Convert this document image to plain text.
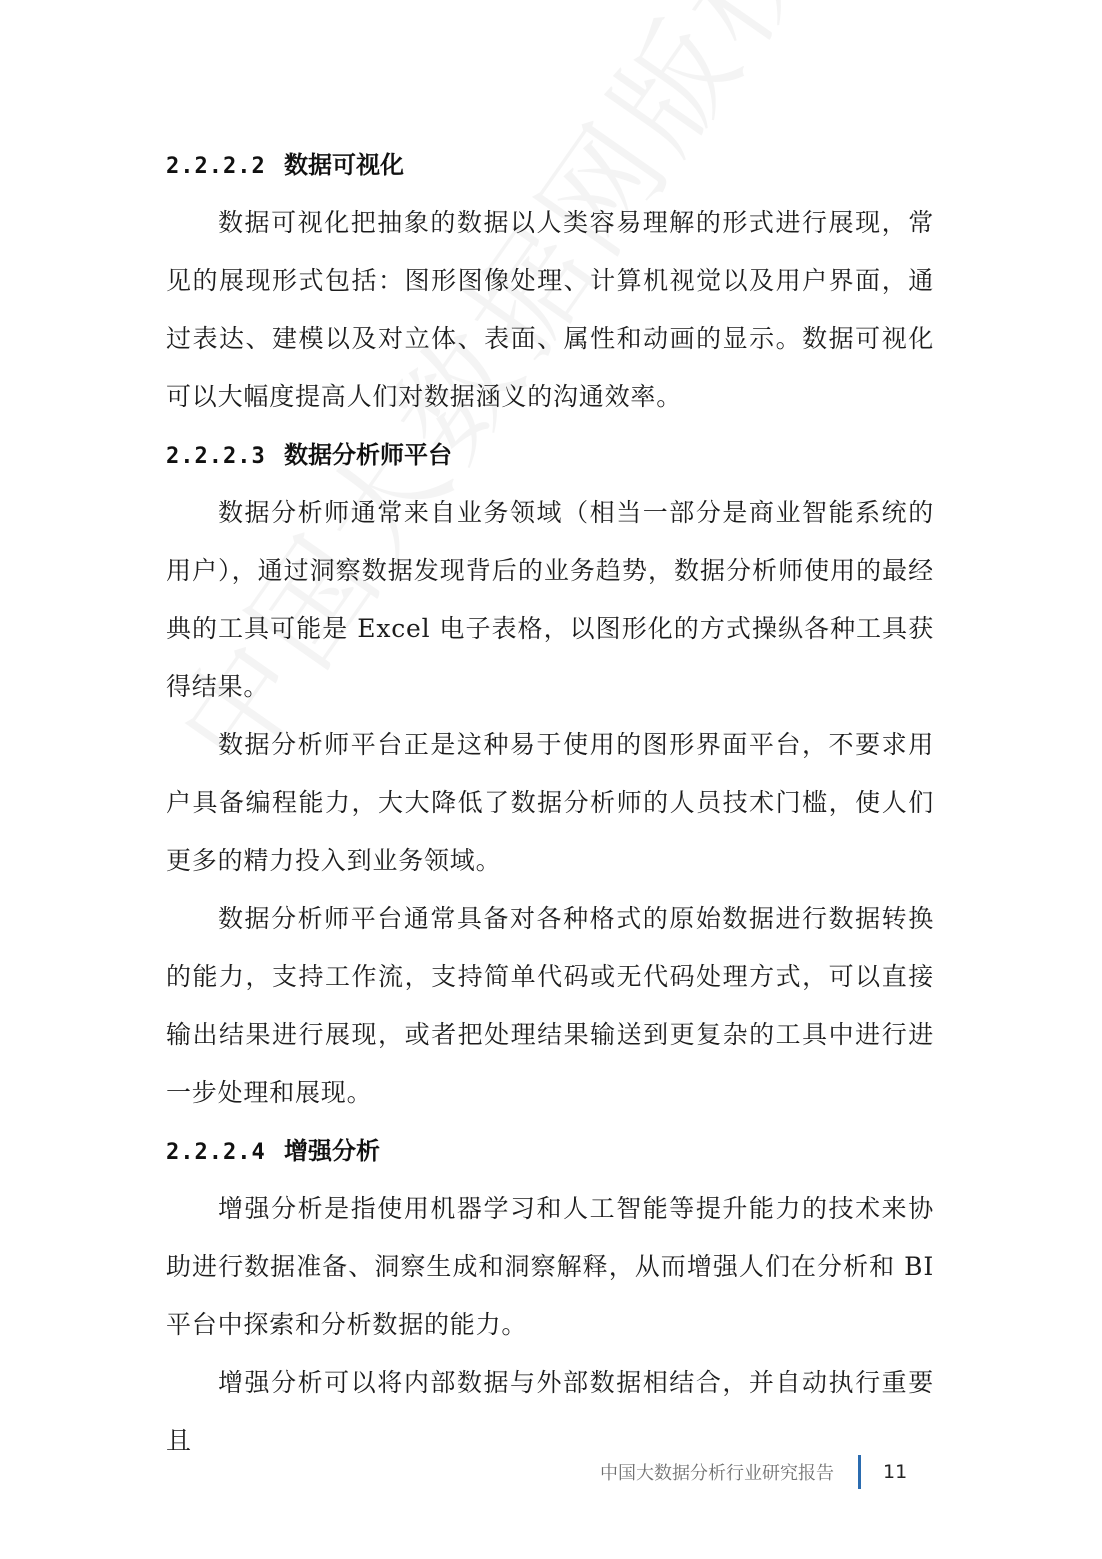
2.2.2.2 数据可视化

数据可视化把抽象的数据以人类容易理解的形式进行展现，常见的展现形式包括：图形图像处理、计算机视觉以及用户界面，通过表达、建模以及对立体、表面、属性和动画的显示。数据可视化可以大幅度提高人们对数据涵义的沟通效率。

2.2.2.3 数据分析师平台

数据分析师通常来自业务领域（相当一部分是商业智能系统的用户），通过洞察数据发现背后的业务趋势，数据分析师使用的最经典的工具可能是 Excel 电子表格，以图形化的方式操纵各种工具获得结果。

数据分析师平台正是这种易于使用的图形界面平台，不要求用户具备编程能力，大大降低了数据分析师的人员技术门槛，使人们更多的精力投入到业务领域。

数据分析师平台通常具备对各种格式的原始数据进行数据转换的能力，支持工作流，支持简单代码或无代码处理方式，可以直接输出结果进行展现，或者把处理结果输送到更复杂的工具中进行进一步处理和展现。

2.2.2.4 增强分析

增强分析是指使用机器学习和人工智能等提升能力的技术来协助进行数据准备、洞察生成和洞察解释，从而增强人们在分析和 BI 平台中探索和分析数据的能力。

增强分析可以将内部数据与外部数据相结合，并自动执行重要且

中国大数据分析行业研究报告	11
